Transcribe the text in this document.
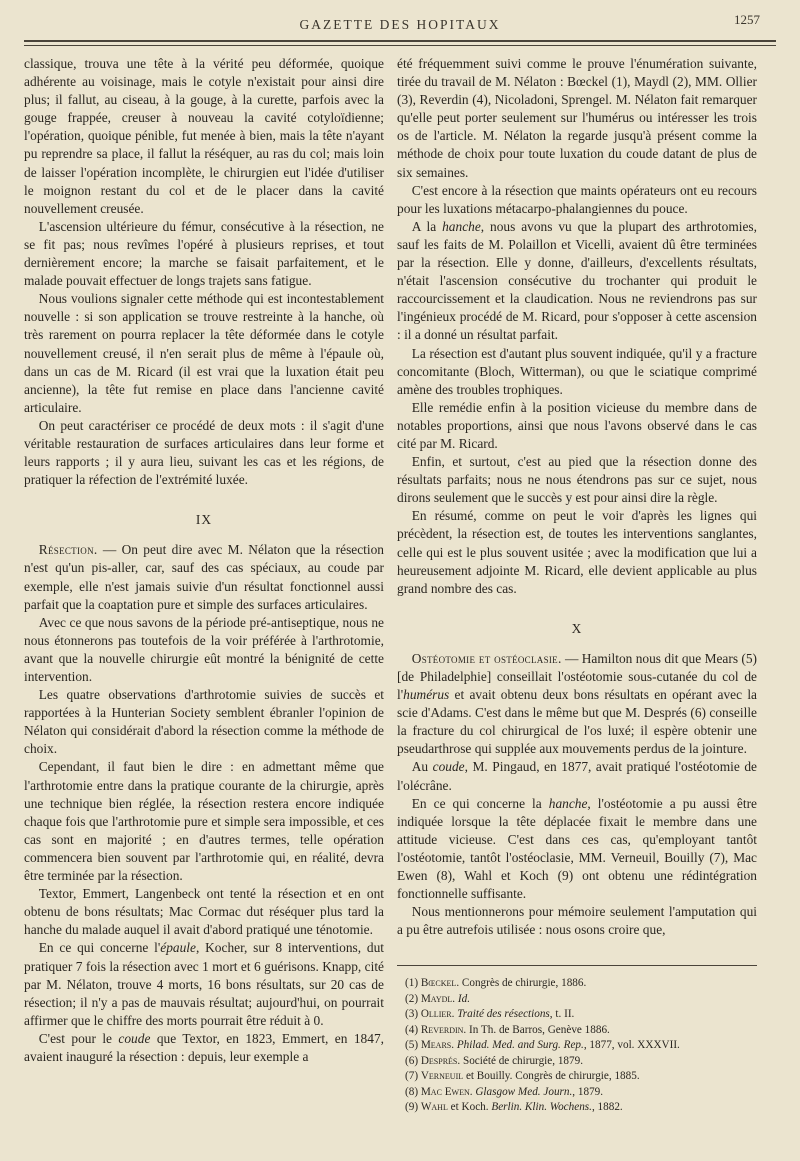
GAZETTE DES HOPITAUX	1257

classique, trouva une tête à la vérité peu déformée, quoique adhérente au voisinage, mais le cotyle n'existait pour ainsi dire plus; il fallut, au ciseau, à la gouge, à la curette, parfois avec la gouge frappée, creuser à nouveau la cavité cotyloïdienne; l'opération, quoique pénible, fut menée à bien, mais la tête n'ayant pu reprendre sa place, il fallut la réséquer, au ras du col; mais loin de laisser l'opération incomplète, le chirurgien eut l'idée d'utiliser le moignon restant du col et de le placer dans la cavité nouvellement creusée.

L'ascension ultérieure du fémur, consécutive à la résection, ne se fit pas; nous revîmes l'opéré à plusieurs reprises, et tout dernièrement encore; la marche se faisait parfaitement, et le malade pouvait effectuer de longs trajets sans fatigue.

Nous voulions signaler cette méthode qui est incontestablement nouvelle : si son application se trouve restreinte à la hanche, où très rarement on pourra replacer la tête déformée dans le cotyle nouvellement creusé, il n'en serait plus de même à l'épaule où, dans un cas de M. Ricard (il est vrai que la luxation était peu ancienne), la tête fut remise en place dans l'ancienne cavité articulaire.

On peut caractériser ce procédé de deux mots : il s'agit d'une véritable restauration de surfaces articulaires dans leur forme et leurs rapports ; il y aura lieu, suivant les cas et les régions, de pratiquer la réfection de l'extrémité luxée.

IX

Résection. — On peut dire avec M. Nélaton que la résection n'est qu'un pis-aller, car, sauf des cas spéciaux, au coude par exemple, elle n'est jamais suivie d'un résultat fonctionnel aussi parfait que la coaptation pure et simple des surfaces articulaires.

Avec ce que nous savons de la période pré-antiseptique, nous ne nous étonnerons pas toutefois de la voir préférée à l'arthrotomie, avant que la nouvelle chirurgie eût montré la bénignité de cette intervention.

Les quatre observations d'arthrotomie suivies de succès et rapportées à la Hunterian Society semblent ébranler l'opinion de Nélaton qui considérait d'abord la résection comme la méthode de choix.

Cependant, il faut bien le dire : en admettant même que l'arthrotomie entre dans la pratique courante de la chirurgie, après une technique bien réglée, la résection restera encore indiquée chaque fois que l'arthrotomie pure et simple sera impossible, et ces cas sont en majorité ; en d'autres termes, telle opération commencera bien souvent par l'arthrotomie qui, en réalité, devra être terminée par la résection.

Textor, Emmert, Langenbeck ont tenté la résection et en ont obtenu de bons résultats; Mac Cormac dut réséquer plus tard la hanche du malade auquel il avait d'abord pratiqué une ténotomie.

En ce qui concerne l'épaule, Kocher, sur 8 interventions, dut pratiquer 7 fois la résection avec 1 mort et 6 guérisons. Knapp, cité par M. Nélaton, trouve 4 morts, 16 bons résultats, sur 20 cas de résection; il n'y a pas de mauvais résultat; aujourd'hui, on pourrait affirmer que le chiffre des morts pourrait être réduit à 0.

C'est pour le coude que Textor, en 1823, Emmert, en 1847, avaient inauguré la résection : depuis, leur exemple a

été fréquemment suivi comme le prouve l'énumération suivante, tirée du travail de M. Nélaton : Bœckel (1), Maydl (2), MM. Ollier (3), Reverdin (4), Nicoladoni, Sprengel. M. Nélaton fait remarquer qu'elle peut porter seulement sur l'humérus ou intéresser les trois os de l'article. M. Nélaton la regarde jusqu'à présent comme la méthode de choix pour toute luxation du coude datant de plus de six semaines.

C'est encore à la résection que maints opérateurs ont eu recours pour les luxations métacarpo-phalangiennes du pouce.

A la hanche, nous avons vu que la plupart des arthrotomies, sauf les faits de M. Polaillon et Vicelli, avaient dû être terminées par la résection. Elle y donne, d'ailleurs, d'excellents résultats, n'était l'ascension consécutive du trochanter qui produit le raccourcissement et la claudication. Nous ne reviendrons pas sur l'ingénieux procédé de M. Ricard, pour s'opposer à cette ascension : il a donné un résultat parfait.

La résection est d'autant plus souvent indiquée, qu'il y a fracture concomitante (Bloch, Witterman), ou que le sciatique comprimé amène des troubles trophiques.

Elle remédie enfin à la position vicieuse du membre dans de notables proportions, ainsi que nous l'avons observé dans le cas cité par M. Ricard.

Enfin, et surtout, c'est au pied que la résection donne des résultats parfaits; nous ne nous étendrons pas sur ce sujet, nous dirons seulement que le succès y est pour ainsi dire la règle.

En résumé, comme on peut le voir d'après les lignes qui précèdent, la résection est, de toutes les interventions sanglantes, celle qui est le plus souvent usitée ; avec la modification que lui a heureusement adjointe M. Ricard, elle devient applicable au plus grand nombre des cas.

X

Ostéotomie et ostéoclasie. — Hamilton nous dit que Mears (5) [de Philadelphie] conseillait l'ostéotomie sous-cutanée du col de l'humérus et avait obtenu deux bons résultats en opérant avec la scie d'Adams. C'est dans le même but que M. Després (6) conseille la fracture du col chirurgical de l'os luxé; il espère obtenir une pseudarthrose qui supplée aux mouvements perdus de la jointure.

Au coude, M. Pingaud, en 1877, avait pratiqué l'ostéotomie de l'olécrâne.

En ce qui concerne la hanche, l'ostéotomie a pu aussi être indiquée lorsque la tête déplacée fixait le membre dans une attitude vicieuse. C'est dans ces cas, qu'employant tantôt l'ostéotomie, tantôt l'ostéoclasie, MM. Verneuil, Bouilly (7), Mac Ewen (8), Wahl et Koch (9) ont obtenu une rédintégration fonctionnelle suffisante.

Nous mentionnerons pour mémoire seulement l'amputation qui a pu être autrefois utilisée : nous osons croire que,

(1) Bœckel. Congrès de chirurgie, 1886.
(2) Maydl. Id.
(3) Ollier. Traité des résections, t. II.
(4) Reverdin. In Th. de Barros, Genève 1886.
(5) Mears. Philad. Med. and Surg. Rep., 1877, vol. XXXVII.
(6) Després. Société de chirurgie, 1879.
(7) Verneuil et Bouilly. Congrès de chirurgie, 1885.
(8) Mac Ewen. Glasgow Med. Journ., 1879.
(9) Wahl et Koch. Berlin. Klin. Wochens., 1882.
